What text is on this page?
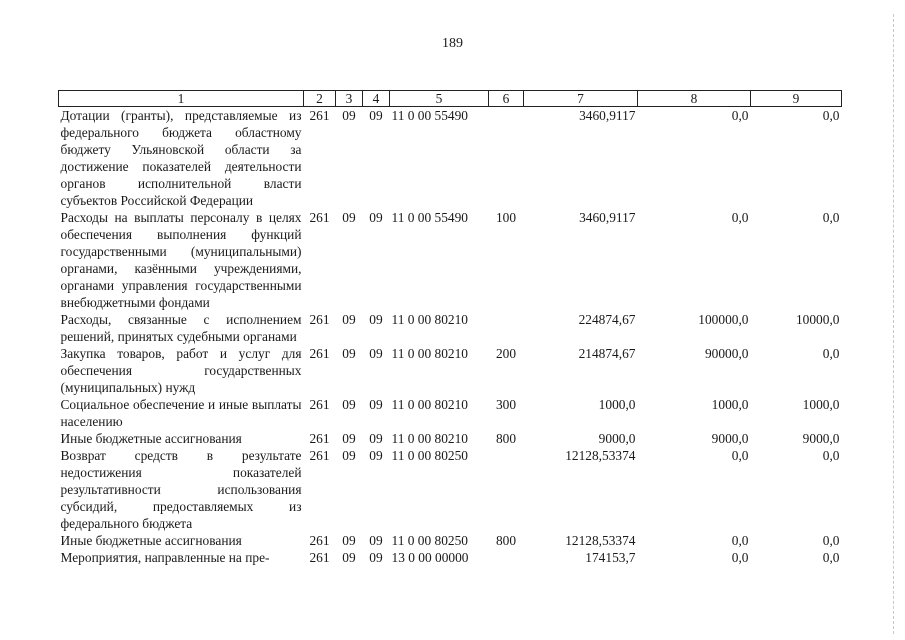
189
1	2	3	4	5	6	7	8	9
Дотации (гранты), представляемые из федерального бюджета областному бюджету Ульяновской области за достижение показателей деятельности органов исполнительной власти субъектов Российской Федерации	261	09	09	11 0 00 55490		3460,9117	0,0	0,0
Расходы на выплаты персоналу в целях обеспечения выполнения функций государственными (муниципальными) органами, казёнными учреждениями, органами управления государственными внебюджетными фондами	261	09	09	11 0 00 55490	100	3460,9117	0,0	0,0
Расходы, связанные с исполнением решений, принятых судебными органами	261	09	09	11 0 00 80210		224874,67	100000,0	10000,0
Закупка товаров, работ и услуг для обеспечения государственных (муниципальных) нужд	261	09	09	11 0 00 80210	200	214874,67	90000,0	0,0
Социальное обеспечение и иные выплаты населению	261	09	09	11 0 00 80210	300	1000,0	1000,0	1000,0
Иные бюджетные ассигнования	261	09	09	11 0 00 80210	800	9000,0	9000,0	9000,0
Возврат средств в результате недостижения показателей результативности использования субсидий, предоставляемых из федерального бюджета	261	09	09	11 0 00 80250		12128,53374	0,0	0,0
Иные бюджетные ассигнования	261	09	09	11 0 00 80250	800	12128,53374	0,0	0,0
Мероприятия, направленные на пре-	261	09	09	13 0 00 00000		174153,7	0,0	0,0
